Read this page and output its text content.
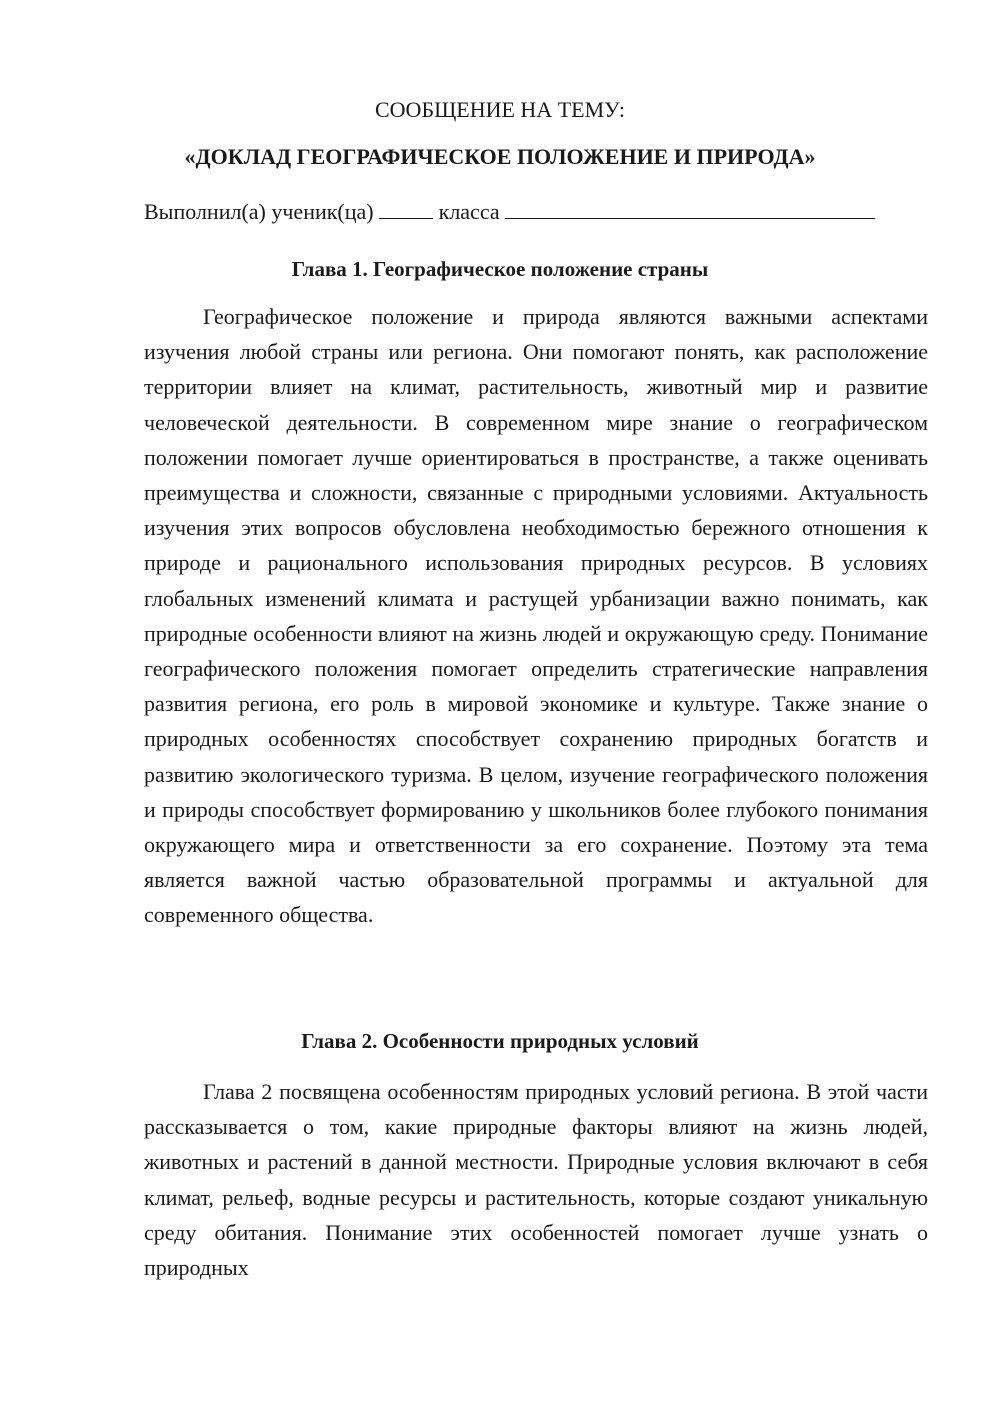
СООБЩЕНИЕ НА ТЕМУ:
«ДОКЛАД ГЕОГРАФИЧЕСКОЕ ПОЛОЖЕНИЕ И ПРИРОДА»
Выполнил(а) ученик(ца)	класса
Глава 1. Географическое положение страны

Географическое положение и природа являются важными аспектами изучения любой страны или региона. Они помогают понять, как расположение территории влияет на климат, растительность, животный мир и развитие человеческой деятельности. В современном мире знание о географическом положении помогает лучше ориентироваться в пространстве, а также оценивать преимущества и сложности, связанные с природными условиями. Актуальность изучения этих вопросов обусловлена необходимостью бережного отношения к природе и рационального использования природных ресурсов. В условиях глобальных изменений климата и растущей урбанизации важно понимать, как природные особенности влияют на жизнь людей и окружающую среду. Понимание географического положения помогает определить стратегические направления развития региона, его роль в мировой экономике и культуре. Также знание о природных особенностях способствует сохранению природных богатств и развитию экологического туризма. В целом, изучение географического положения и природы способствует формированию у школьников более глубокого понимания окружающего мира и ответственности за его сохранение. Поэтому эта тема является важной частью образовательной программы и актуальной для современного общества.

Глава 2. Особенности природных условий

Глава 2 посвящена особенностям природных условий региона. В этой части рассказывается о том, какие природные факторы влияют на жизнь людей, животных и растений в данной местности. Природные условия включают в себя климат, рельеф, водные ресурсы и растительность, которые создают уникальную среду обитания. Понимание этих особенностей помогает лучше узнать о природных
